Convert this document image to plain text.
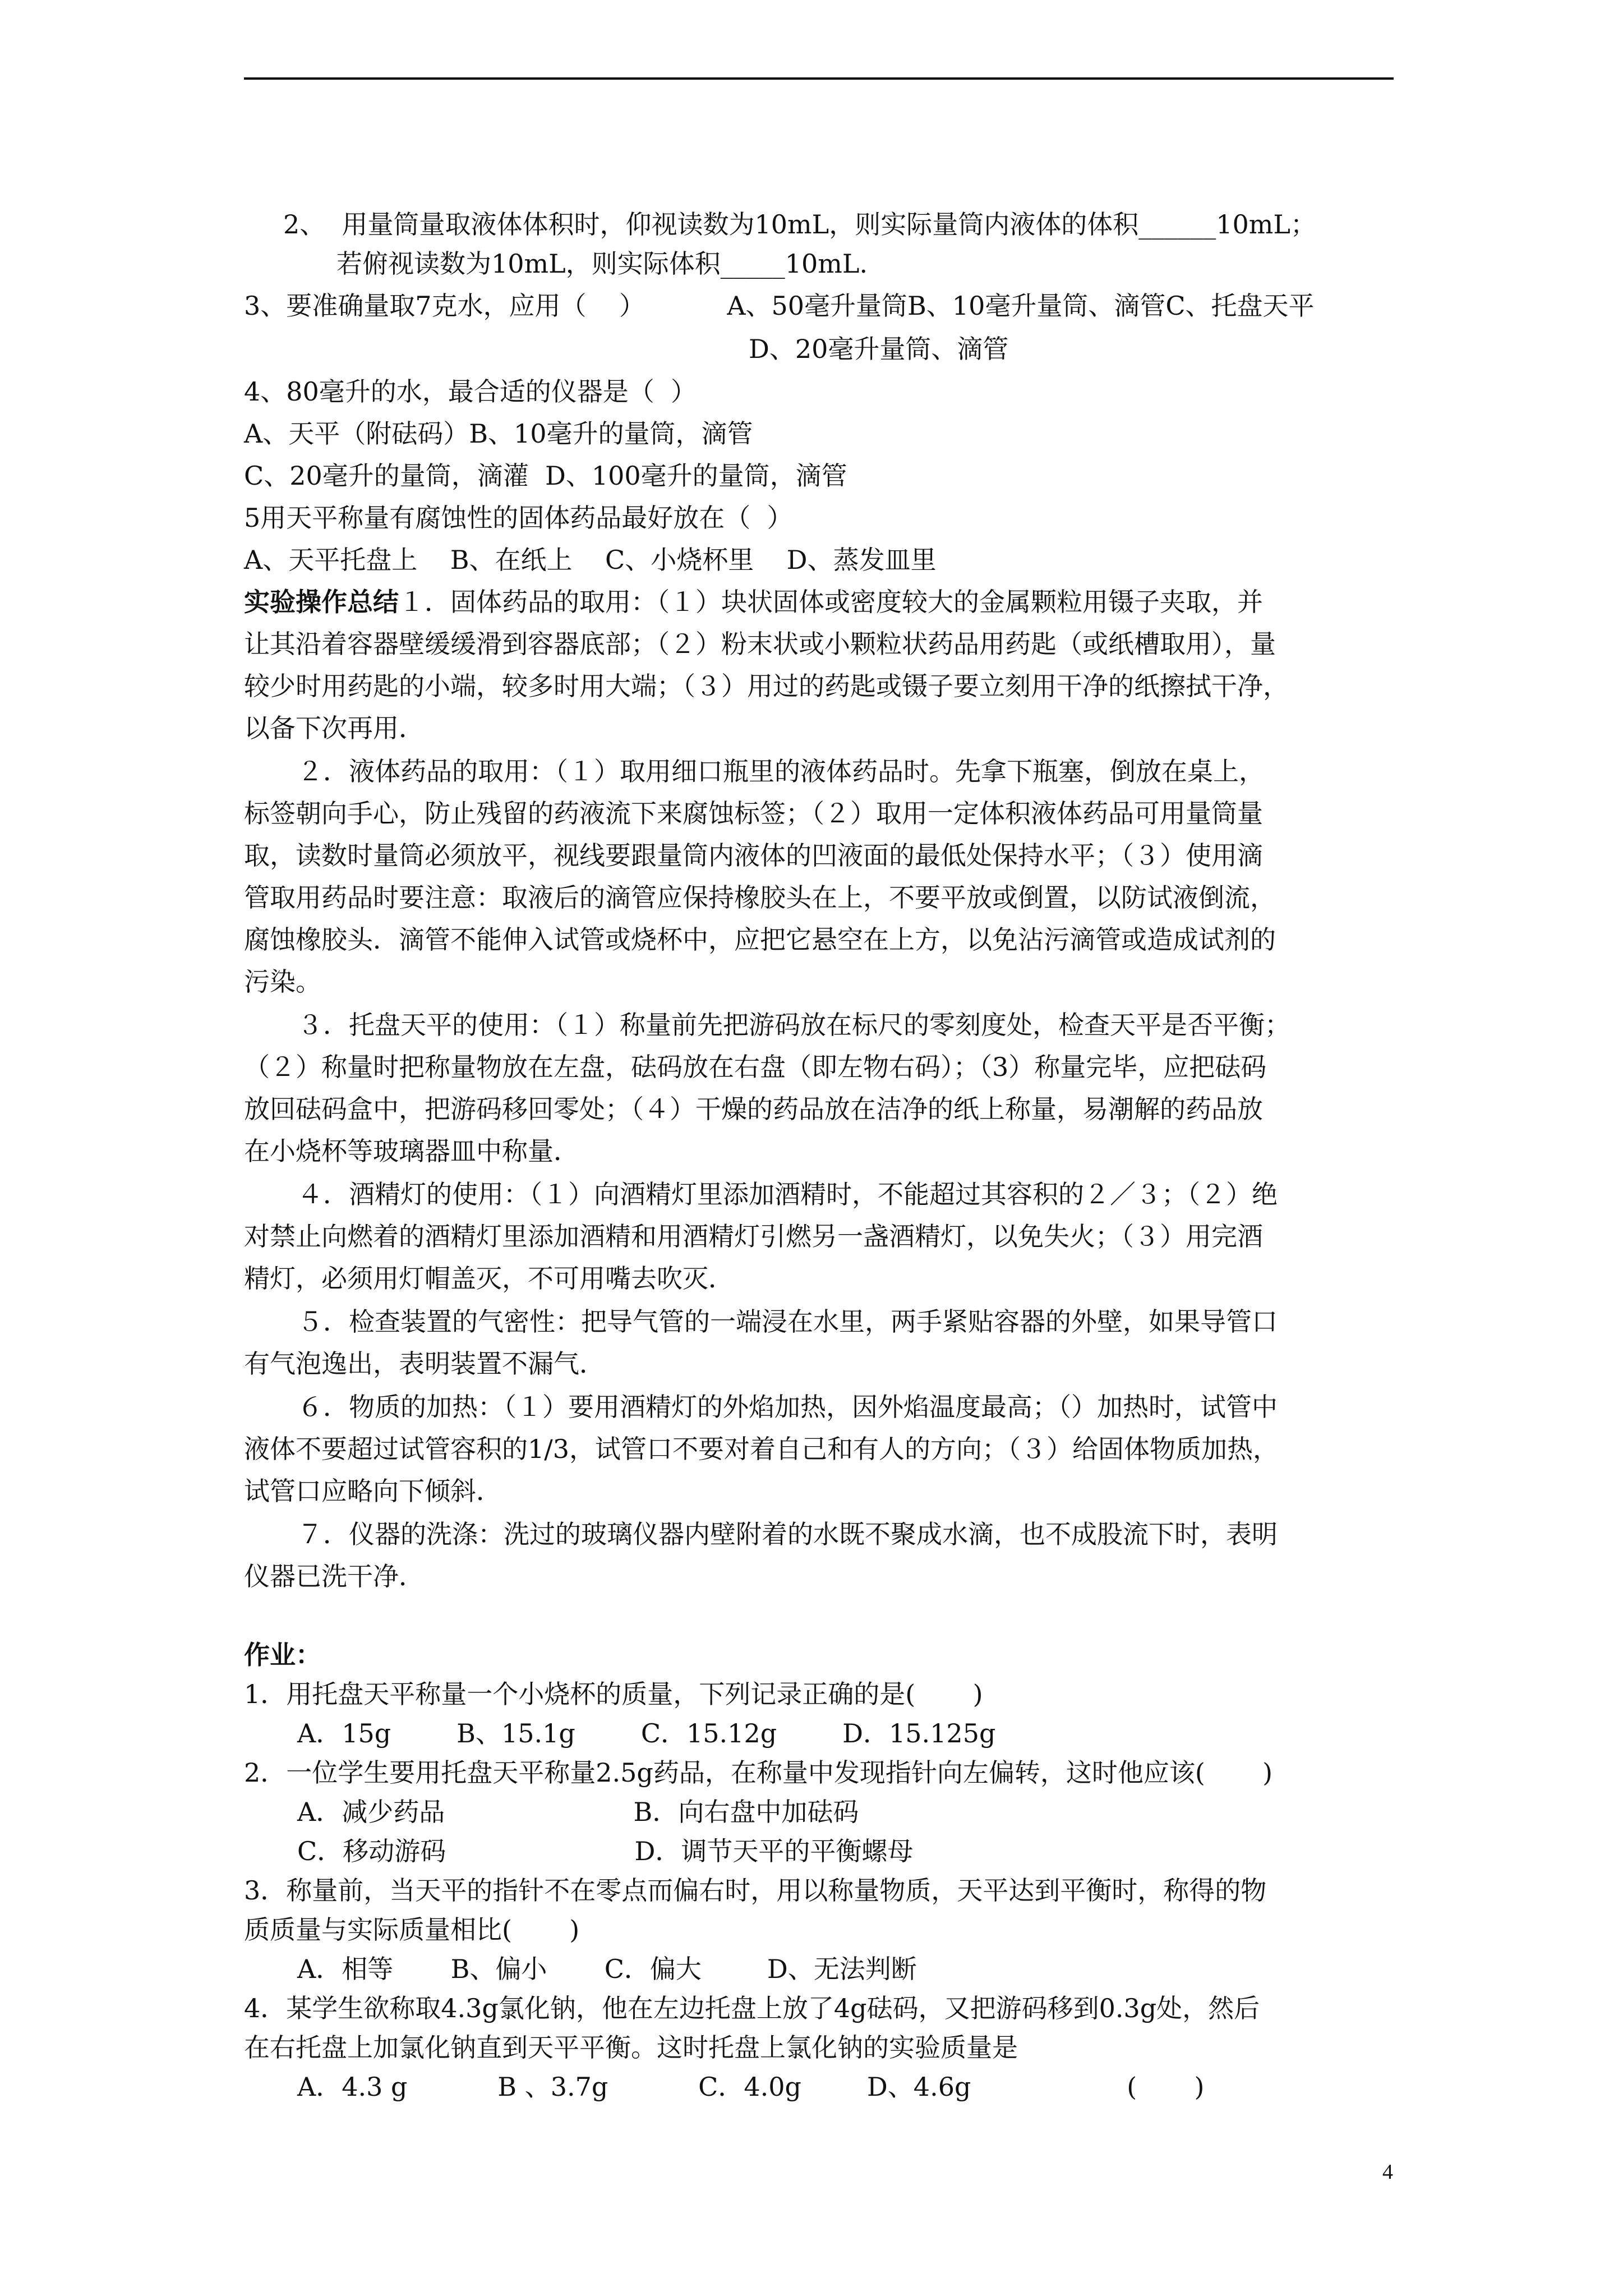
2、  用量筒量取液体体积时，仰视读数为10mL，则实际量筒内液体的体积______10mL；
若俯视读数为10mL，则实际体积_____10mL.
3、要准确量取7克水，应用（    ）          A、50毫升量筒B、10毫升量筒、滴管C、托盘天平
D、20毫升量筒、滴管
4、80毫升的水，最合适的仪器是（  ）
A、天平（附砝码）B、10毫升的量筒，滴管
C、20毫升的量筒，滴灌  D、100毫升的量筒，滴管
5用天平称量有腐蚀性的固体药品最好放在（  ）
A、天平托盘上    B、在纸上    C、小烧杯里    D、蒸发皿里
让其沿着容器壁缓缓滑到容器底部；（２）粉末状或小颗粒状药品用药匙（或纸槽取用），量
较少时用药匙的小端，较多时用大端；（３）用过的药匙或镊子要立刻用干净的纸擦拭干净，
以备下次再用．
２．液体药品的取用：（１）取用细口瓶里的液体药品时。先拿下瓶塞，倒放在桌上，
标签朝向手心，防止残留的药液流下来腐蚀标签；（２）取用一定体积液体药品可用量筒量
取，读数时量筒必须放平，视线要跟量筒内液体的凹液面的最低处保持水平；（３）使用滴
管取用药品时要注意：取液后的滴管应保持橡胶头在上，不要平放或倒置，以防试液倒流，
腐蚀橡胶头．滴管不能伸入试管或烧杯中，应把它悬空在上方，以免沾污滴管或造成试剂的
污染。
３．托盘天平的使用：（１）称量前先把游码放在标尺的零刻度处，检查天平是否平衡；
（２）称量时把称量物放在左盘，砝码放在右盘（即左物右码）；（3）称量完毕，应把砝码
放回砝码盒中，把游码移回零处；（４）干燥的药品放在洁净的纸上称量，易潮解的药品放
在小烧杯等玻璃器皿中称量．
４．酒精灯的使用：（１）向酒精灯里添加酒精时，不能超过其容积的２／３；（２）绝
对禁止向燃着的酒精灯里添加酒精和用酒精灯引燃另一盏酒精灯，以免失火；（３）用完酒
精灯，必须用灯帽盖灭，不可用嘴去吹灭．
５．检查装置的气密性：把导气管的一端浸在水里，两手紧贴容器的外壁，如果导管口
有气泡逸出，表明装置不漏气．
６．物质的加热：（１）要用酒精灯的外焰加热，因外焰温度最高；（）加热时，试管中
液体不要超过试管容积的1/3，试管口不要对着自己和有人的方向；（３）给固体物质加热，
试管口应略向下倾斜．
７．仪器的洗涤：洗过的玻璃仪器内壁附着的水既不聚成水滴，也不成股流下时，表明
仪器已洗干净．
1．用托盘天平称量一个小烧杯的质量，下列记录正确的是(       )
A．15g        B、15.1g        C．15.12g        D．15.125g
2．一位学生要用托盘天平称量2.5g药品，在称量中发现指针向左偏转，这时他应该(       )
A．减少药品                       B．向右盘中加砝码
C．移动游码                       D．调节天平的平衡螺母
3．称量前，当天平的指针不在零点而偏右时，用以称量物质，天平达到平衡时，称得的物
质质量与实际质量相比(       )
A．相等       B、偏小       C．偏大        D、无法判断
4．某学生欲称取4.3g氯化钠，他在左边托盘上放了4g砝码，又把游码移到0.3g处，然后
在右托盘上加氯化钠直到天平平衡。这时托盘上氯化钠的实验质量是
A．4.3 g           B 、3.7g           C．4.0g        D、4.6g                   (       )
实验操作总结１．固体药品的取用：（１）块状固体或密度较大的金属颗粒用镊子夹取，并
作业：
4
